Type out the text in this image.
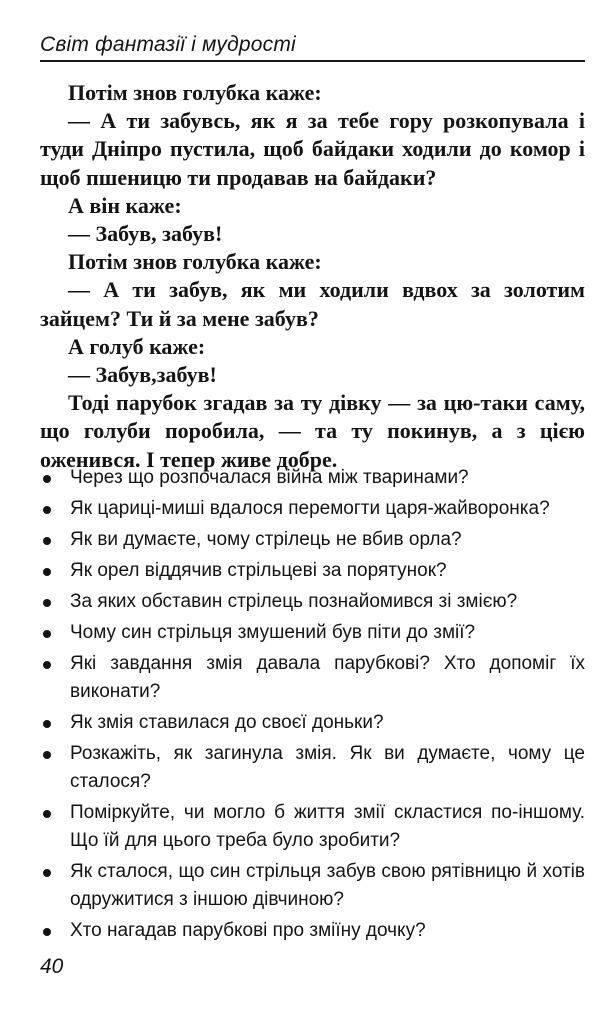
Світ фантазії і мудрості

Потім знов голубка каже:

— А ти забувсь, як я за тебе гору розкопувала і туди Дніпро пустила, щоб байдаки ходили до комор і щоб пшеницю ти продавав на байдаки?

А він каже:

— Забув, забув!

Потім знов голубка каже:

— А ти забув, як ми ходили вдвох за золотим зайцем? Ти й за мене забув?

А голуб каже:

— Забув,забув!

Тоді парубок згадав за ту дівку — за цю-таки саму, що голуби поробила, — та ту покинув, а з цією оженився. І тепер живе добре.

Через що розпочалася війна між тваринами?
Як цариці-миші вдалося перемогти царя-жайворонка?
Як ви думаєте, чому стрілець не вбив орла?
Як орел віддячив стрільцеві за порятунок?
За яких обставин стрілець познайомився зі змією?
Чому син стрільця змушений був піти до змії?
Які завдання змія давала парубкові? Хто допоміг їх виконати?
Як змія ставилася до своєї доньки?
Розкажіть, як загинула змія. Як ви думаєте, чому це сталося?
Поміркуйте, чи могло б життя змії скластися по-іншому. Що їй для цього треба було зробити?
Як сталося, що син стрільця забув свою рятівницю й хотів одружитися з іншою дівчиною?
Хто нагадав парубкові про зміїну дочку?
40
